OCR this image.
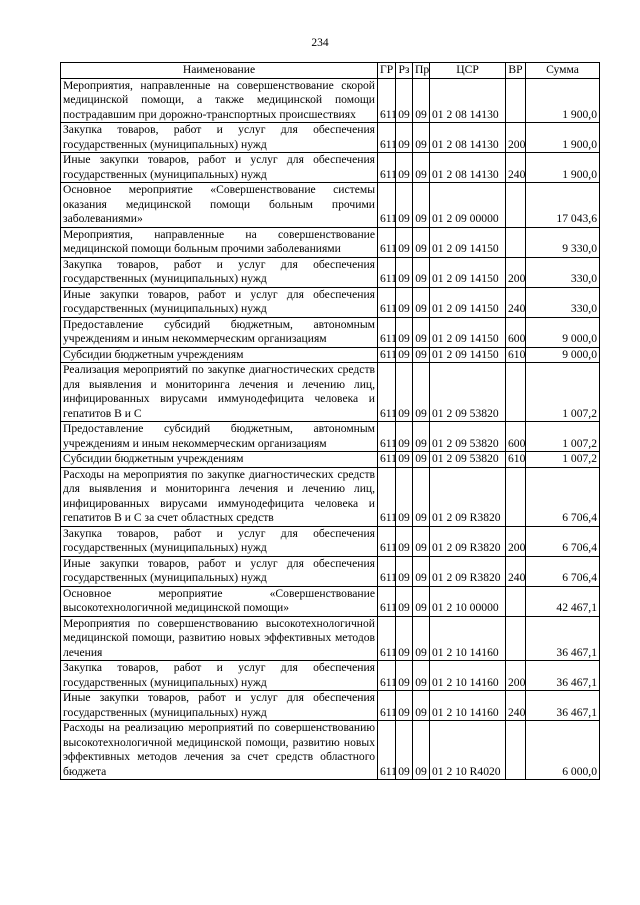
234
Наименование	ГР	Рз	Пр	ЦСР	ВР	Сумма
Мероприятия, направленные на совершенствование скорой медицинской помощи, а также медицинской помощи пострадавшим при дорожно-транспортных происшествиях	611	09	09	01 2 08 14130		1 900,0
Закупка товаров, работ и услуг для обеспечения государственных (муниципальных) нужд	611	09	09	01 2 08 14130	200	1 900,0
Иные закупки товаров, работ и услуг для обеспечения государственных (муниципальных) нужд	611	09	09	01 2 08 14130	240	1 900,0
Основное мероприятие «Совершенствование системы оказания медицинской помощи больным прочими заболеваниями»	611	09	09	01 2 09 00000		17 043,6
Мероприятия, направленные на совершенствование медицинской помощи больным прочими заболеваниями	611	09	09	01 2 09 14150		9 330,0
Закупка товаров, работ и услуг для обеспечения государственных (муниципальных) нужд	611	09	09	01 2 09 14150	200	330,0
Иные закупки товаров, работ и услуг для обеспечения государственных (муниципальных) нужд	611	09	09	01 2 09 14150	240	330,0
Предоставление субсидий бюджетным, автономным учреждениям и иным некоммерческим организациям	611	09	09	01 2 09 14150	600	9 000,0
Субсидии бюджетным учреждениям	611	09	09	01 2 09 14150	610	9 000,0
Реализация мероприятий по закупке диагностических средств для выявления и мониторинга лечения и лечению лиц, инфицированных вирусами иммунодефицита человека и гепатитов В и С	611	09	09	01 2 09 53820		1 007,2
Предоставление субсидий бюджетным, автономным учреждениям и иным некоммерческим организациям	611	09	09	01 2 09 53820	600	1 007,2
Субсидии бюджетным учреждениям	611	09	09	01 2 09 53820	610	1 007,2
Расходы на мероприятия по закупке диагностических средств для выявления и мониторинга лечения и лечению лиц, инфицированных вирусами иммунодефицита человека и гепатитов В и С за счет областных средств	611	09	09	01 2 09 R3820		6 706,4
Закупка товаров, работ и услуг для обеспечения государственных (муниципальных) нужд	611	09	09	01 2 09 R3820	200	6 706,4
Иные закупки товаров, работ и услуг для обеспечения государственных (муниципальных) нужд	611	09	09	01 2 09 R3820	240	6 706,4
Основное мероприятие «Совершенствование высокотехнологичной медицинской помощи»	611	09	09	01 2 10 00000		42 467,1
Мероприятия по совершенствованию высокотехнологичной медицинской помощи, развитию новых эффективных методов лечения	611	09	09	01 2 10 14160		36 467,1
Закупка товаров, работ и услуг для обеспечения государственных (муниципальных) нужд	611	09	09	01 2 10 14160	200	36 467,1
Иные закупки товаров, работ и услуг для обеспечения государственных (муниципальных) нужд	611	09	09	01 2 10 14160	240	36 467,1
Расходы на реализацию мероприятий по совершенствованию высокотехнологичной медицинской помощи, развитию новых эффективных методов лечения за счет средств областного бюджета	611	09	09	01 2 10 R4020		6 000,0
